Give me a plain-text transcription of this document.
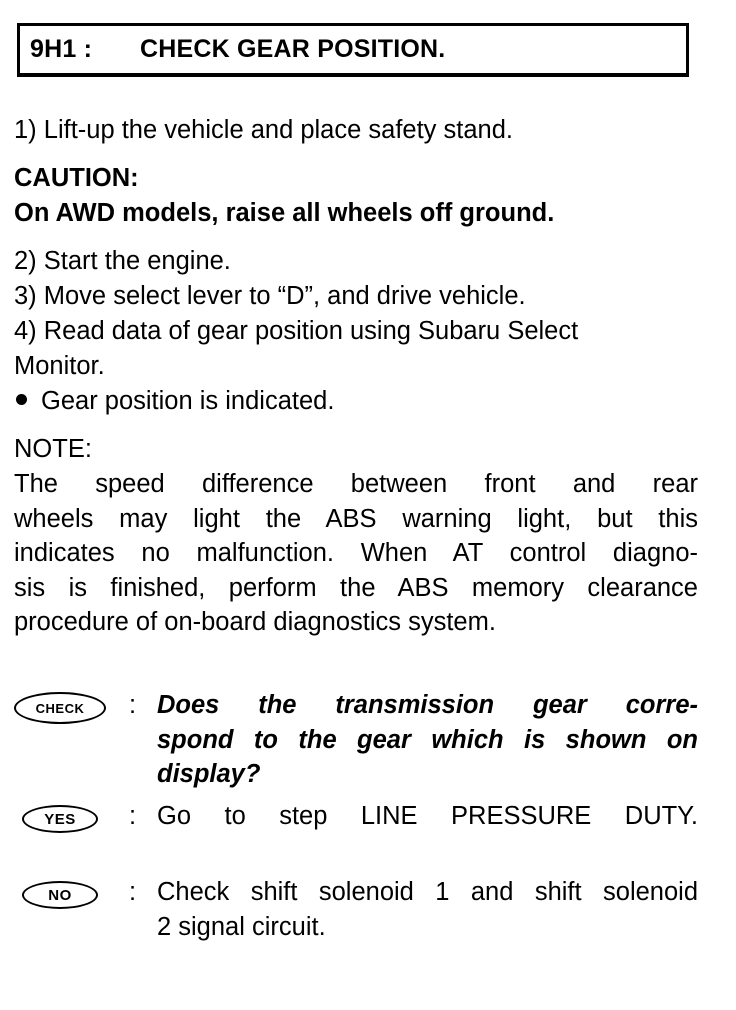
9H1 : CHECK GEAR POSITION.
1) Lift-up the vehicle and place safety stand.
CAUTION:
On AWD models, raise all wheels off ground.
2) Start the engine.
3) Move select lever to “D”, and drive vehicle.
4) Read data of gear position using Subaru Select
Monitor.
Gear position is indicated.
NOTE:
The speed difference between front and rear
wheels may light the ABS warning light, but this
indicates no malfunction. When AT control diagno-
sis is finished, perform the ABS memory clearance
procedure of on-board diagnostics system.
CHECK	: Does the transmission gear corre-
spond to the gear which is shown on
display?
YES	: Go to step LINE PRESSURE DUTY.
NO	: Check shift solenoid 1 and shift solenoid
2 signal circuit.
